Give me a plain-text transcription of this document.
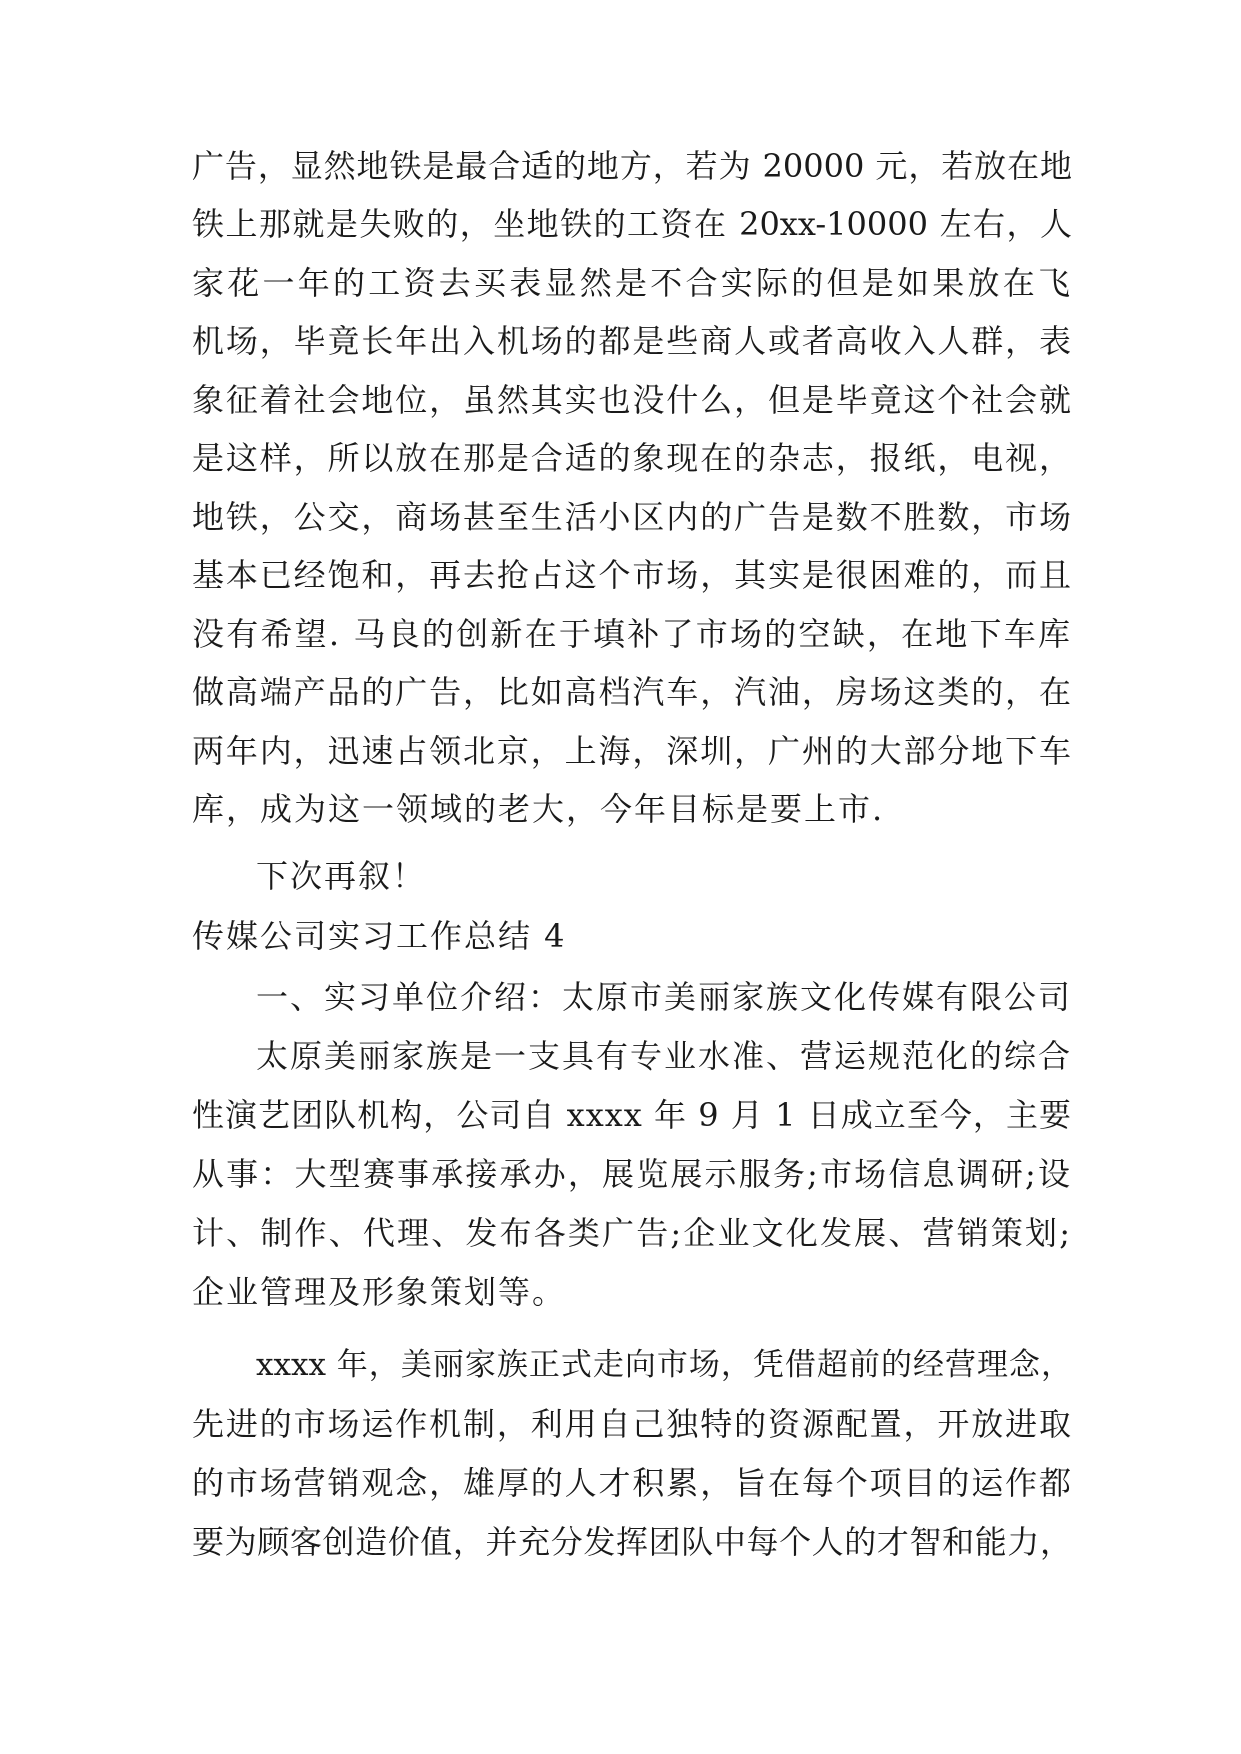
广告，显然地铁是最合适的地方，若为 20000 元，若放在地
铁上那就是失败的，坐地铁的工资在 20xx-10000 左右，人
家花一年的工资去买表显然是不合实际的但是如果放在飞
机场，毕竟长年出入机场的都是些商人或者高收入人群，表
象征着社会地位，虽然其实也没什么，但是毕竟这个社会就
是这样，所以放在那是合适的象现在的杂志，报纸，电视，
地铁，公交，商场甚至生活小区内的广告是数不胜数，市场
基本已经饱和，再去抢占这个市场，其实是很困难的，而且
没有希望. 马良的创新在于填补了市场的空缺，在地下车库
做高端产品的广告，比如高档汽车，汽油，房场这类的，在
两年内，迅速占领北京，上海，深圳，广州的大部分地下车
库，成为这一领域的老大，今年目标是要上市.
下次再叙！
传媒公司实习工作总结 4
一、实习单位介绍：太原市美丽家族文化传媒有限公司
太原美丽家族是一支具有专业水准、营运规范化的综合
性演艺团队机构，公司自 xxxx 年 9 月 1 日成立至今，主要
从事：大型赛事承接承办，展览展示服务;市场信息调研;设
计、制作、代理、发布各类广告;企业文化发展、营销策划;
企业管理及形象策划等。
xxxx 年，美丽家族正式走向市场，凭借超前的经营理念，
先进的市场运作机制，利用自己独特的资源配置，开放进取
的市场营销观念，雄厚的人才积累，旨在每个项目的运作都
要为顾客创造价值，并充分发挥团队中每个人的才智和能力，
